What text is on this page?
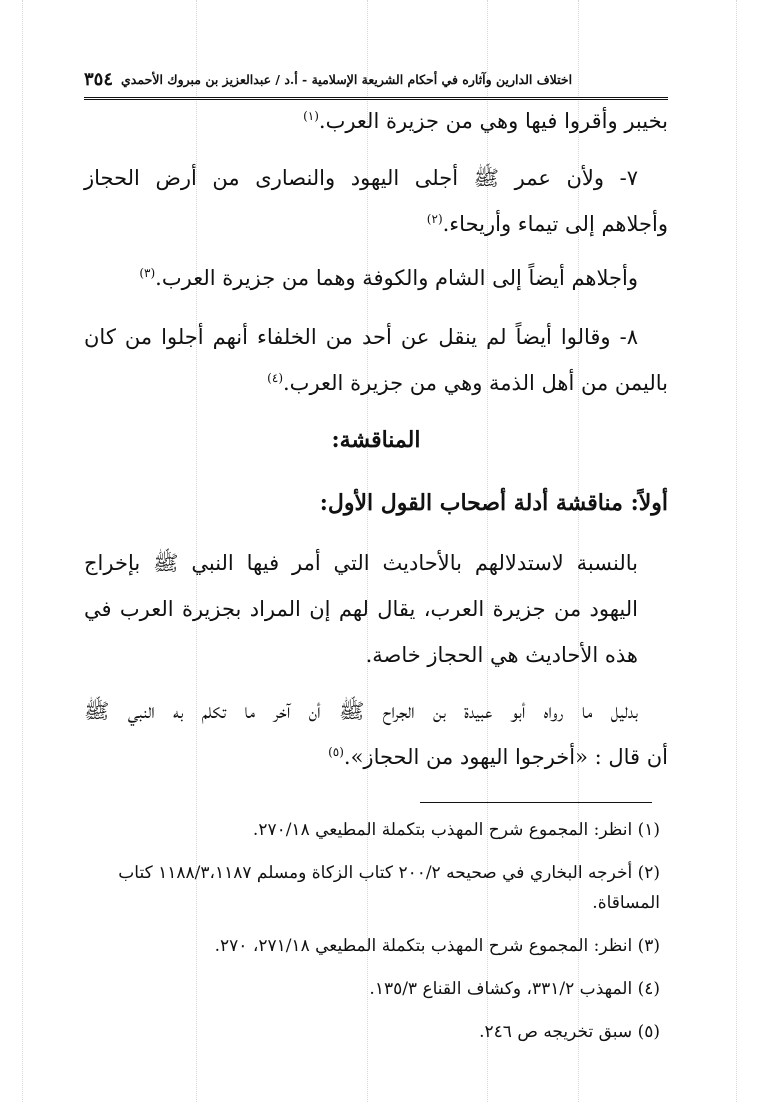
٣٥٤ اختلاف الدارين وآثاره في أحكام الشريعة الإسلامية - أ.د / عبدالعزيز بن مبروك الأحمدي
بخيبر وأقروا فيها وهي من جزيرة العرب.$^{(١)}$
٧- ولأن عمر ﷺ أجلى اليهود والنصارى من أرض الحجاز
وأجلاهم إلى تيماء وأريحاء.$^{(٢)}$
وأجلاهم أيضاً إلى الشام والكوفة وهما من جزيرة العرب.$^{(٣)}$
٨- وقالوا أيضاً لم ينقل عن أحد من الخلفاء أنهم أجلوا من كان
باليمن من أهل الذمة وهي من جزيرة العرب.$^{(٤)}$
المناقشة:
أولاً: مناقشة أدلة أصحاب القول الأول:
بالنسبة لاستدلالهم بالأحاديث التي أمر فيها النبي ﷺ بإخراج اليهود من جزيرة العرب، يقال لهم إن المراد بجزيرة العرب في هذه الأحاديث هي الحجاز خاصة.
بدليل ما رواه أبو عبيدة بن الجراح ﷺ أن آخر ما تكلم به النبي ﷺ
أن قال : «أخرجوا اليهود من الحجاز».$^{(٥)}$
(١) انظر: المجموع شرح المهذب بتكملة المطيعي ٢٧٠/١٨.
(٢) أخرجه البخاري في صحيحه ٢٠٠/٢ كتاب الزكاة ومسلم ١١٨٨/٣،١١٨٧ كتاب المساقاة.
(٣) انظر: المجموع شرح المهذب بتكملة المطيعي ٢٧١/١٨، ٢٧٠.
(٤) المهذب ٣٣١/٢، وكشاف القناع ١٣٥/٣.
(٥) سبق تخريجه ص ٢٤٦.
